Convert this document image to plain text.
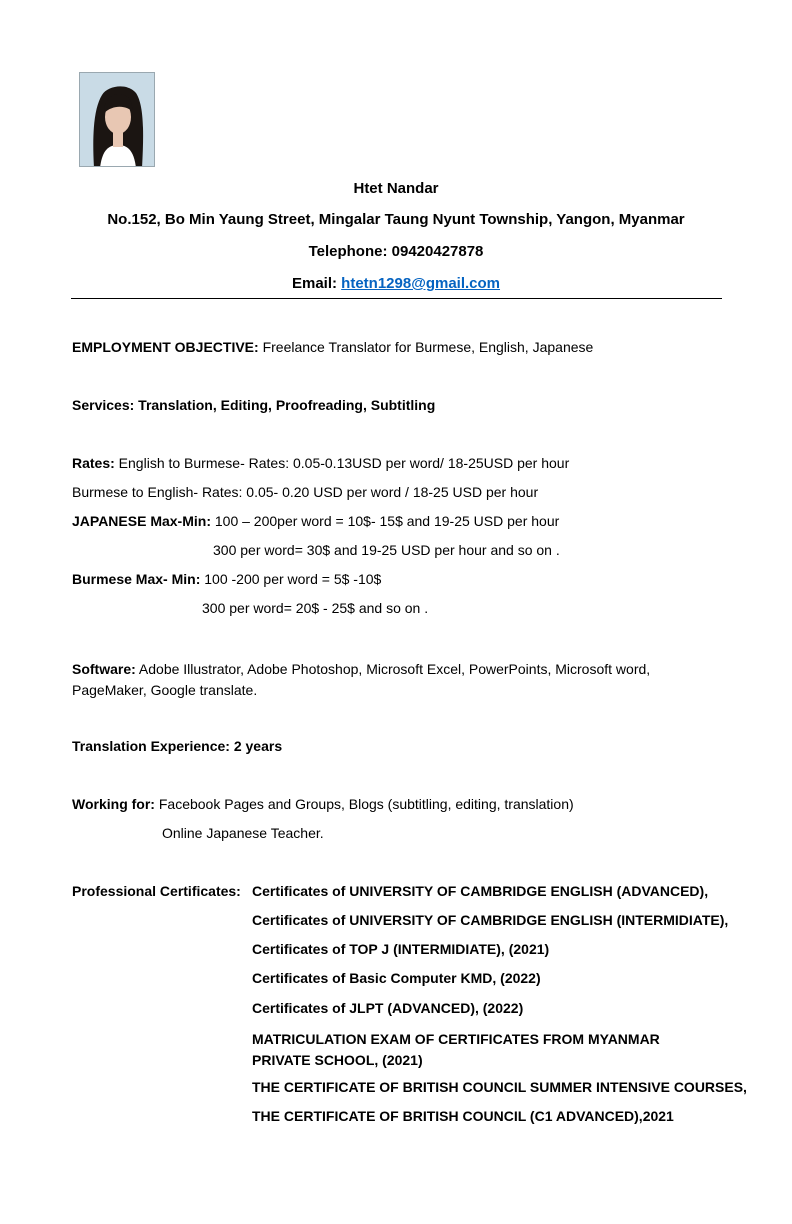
Htet Nandar
No.152, Bo Min Yaung Street, Mingalar Taung Nyunt Township, Yangon, Myanmar
Telephone: 09420427878
Email: htetn1298@gmail.com
EMPLOYMENT OBJECTIVE: Freelance Translator for Burmese, English, Japanese
Services: Translation, Editing, Proofreading, Subtitling
Rates: English to Burmese- Rates: 0.05-0.13USD per word/ 18-25USD per hour
Burmese to English- Rates: 0.05- 0.20 USD per word / 18-25 USD per hour
JAPANESE Max-Min: 100 – 200per word = 10$- 15$ and 19-25 USD per hour
300 per word= 30$ and 19-25 USD per hour and so on .
Burmese Max- Min: 100 -200 per word = 5$ -10$
300 per word= 20$ - 25$ and so on .
Software: Adobe Illustrator, Adobe Photoshop, Microsoft Excel, PowerPoints, Microsoft word, PageMaker, Google translate.
Translation Experience: 2 years
Working for: Facebook Pages and Groups, Blogs (subtitling, editing, translation)
Online Japanese Teacher.
Professional Certificates: Certificates of UNIVERSITY OF CAMBRIDGE ENGLISH (ADVANCED),
Certificates of UNIVERSITY OF CAMBRIDGE ENGLISH (INTERMIDIATE),
Certificates of TOP J (INTERMIDIATE), (2021)
Certificates of Basic Computer KMD, (2022)
Certificates of JLPT (ADVANCED), (2022)
MATRICULATION EXAM OF CERTIFICATES FROM MYANMAR PRIVATE SCHOOL, (2021)
THE CERTIFICATE OF BRITISH COUNCIL SUMMER INTENSIVE COURSES,
THE CERTIFICATE OF BRITISH COUNCIL (C1 ADVANCED),2021
